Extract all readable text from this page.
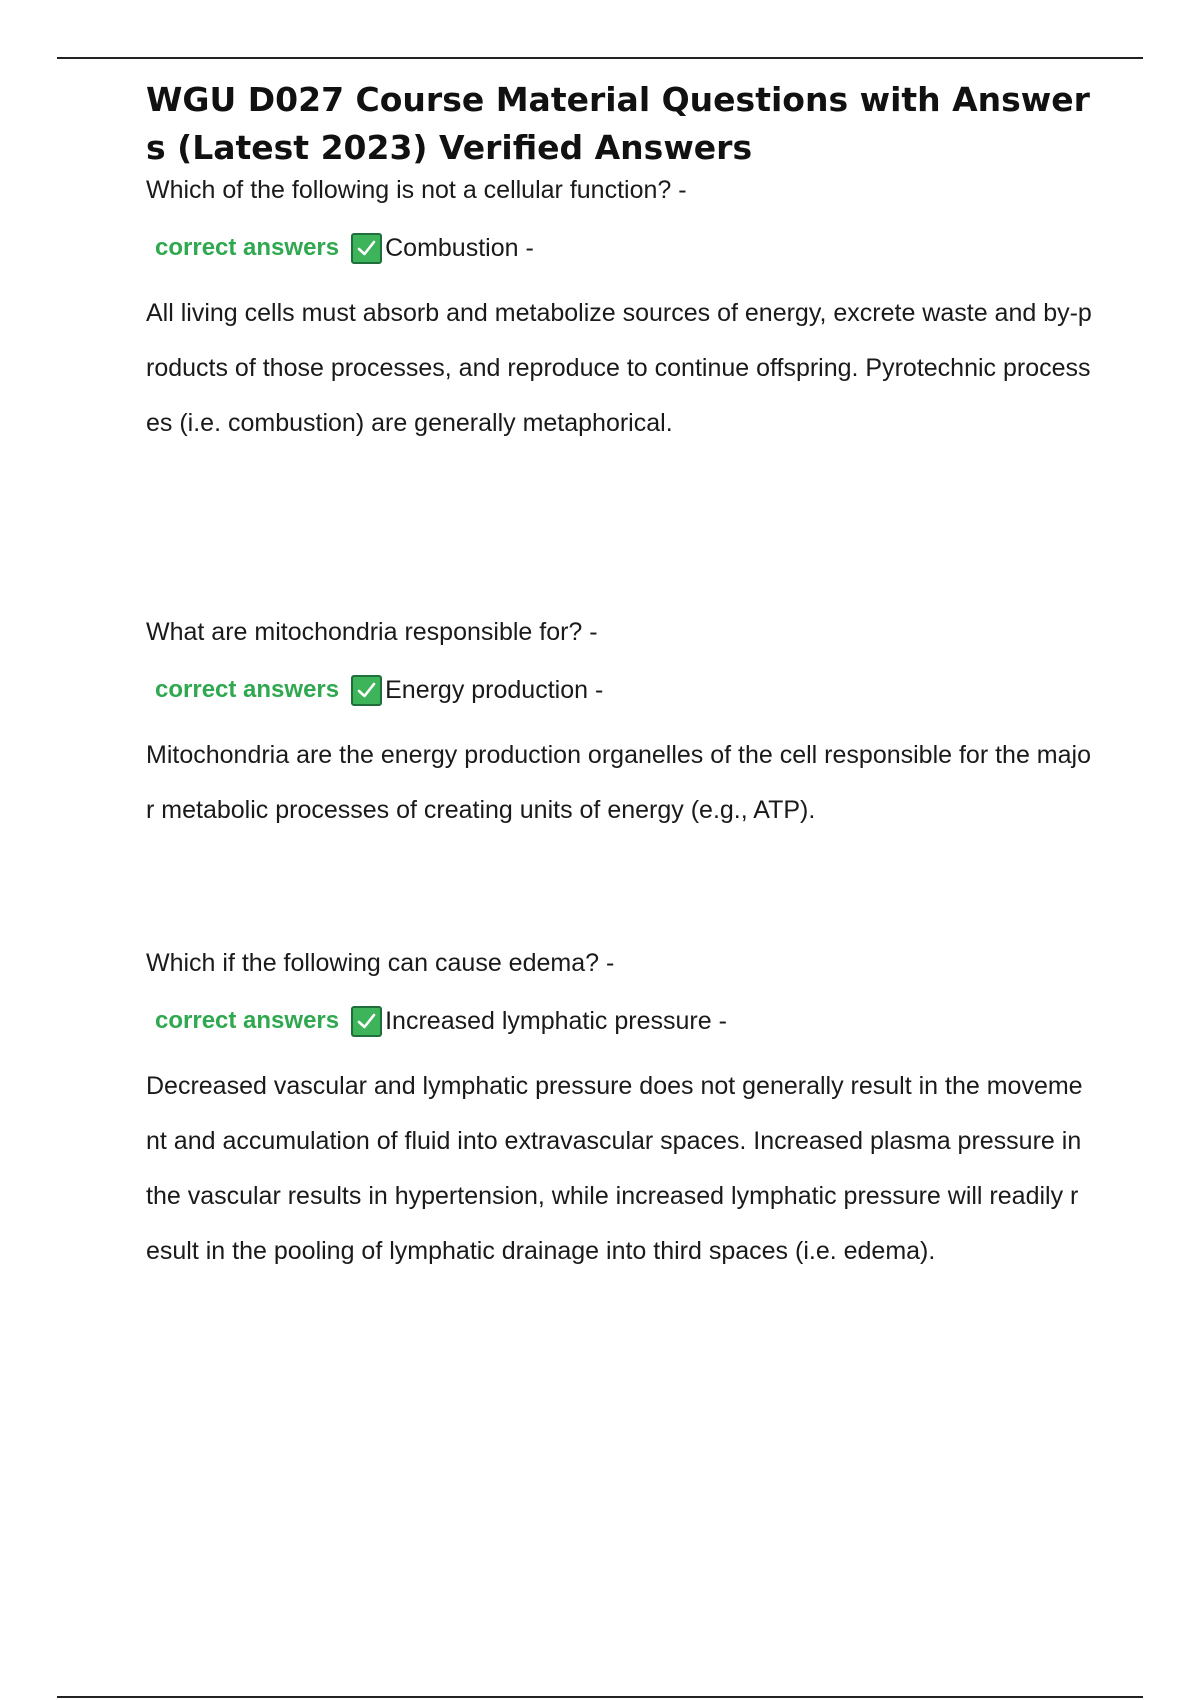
WGU D027 Course Material Questions with Answers (Latest 2023) Verified Answers

Which of the following is not a cellular function? -

correct answers Combustion -

All living cells must absorb and metabolize sources of energy, excrete waste and by-products of those processes, and reproduce to continue offspring. Pyrotechnic processes (i.e. combustion) are generally metaphorical.

What are mitochondria responsible for? -

correct answers Energy production -

Mitochondria are the energy production organelles of the cell responsible for the major metabolic processes of creating units of energy (e.g., ATP).

Which if the following can cause edema? -

correct answers Increased lymphatic pressure -

Decreased vascular and lymphatic pressure does not generally result in the movement and accumulation of fluid into extravascular spaces. Increased plasma pressure in the vascular results in hypertension, while increased lymphatic pressure will readily result in the pooling of lymphatic drainage into third spaces (i.e. edema).
